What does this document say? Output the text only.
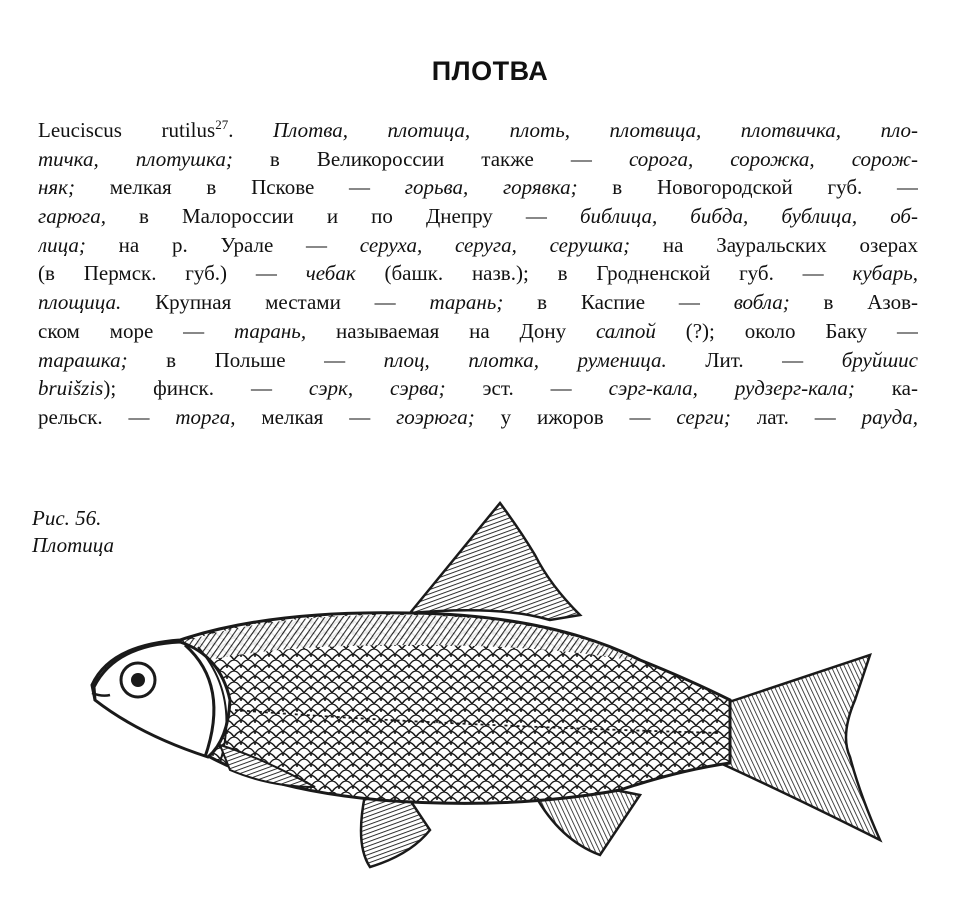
ПЛОТВА
Leuciscus rutilus$^{27}$. Плотва, плотица, плоть, плотвица, плотвичка, пло-
тичка, плотушка; в Великороссии также — сорога, сорожка, сорож-
няк; мелкая в Пскове — горьва, горявка; в Новогородской губ. —
гарюга, в Малороссии и по Днепру — библица, бибда, бублица, об-
лица; на р. Урале — серуха, серуга, серушка; на Зауральских озерах
(в Пермск. губ.) — чебак (башк. назв.); в Гродненской губ. — кубарь,
площица. Крупная местами — тарань; в Каспие — вобла; в Азов-
ском море — тарань, называемая на Дону салпой (?); около Баку —
тарашка; в Польше — плоц, плотка, руменица. Лит. — бруйшис
bruišzis); финск. — сэрк, сэрва; эст. — сэрг-кала, рудзерг-кала; ка-
рельск. — торга, мелкая — гоэрюга; у ижоров — серги; лат. — рауда,
Рис. 56.
Плотица
